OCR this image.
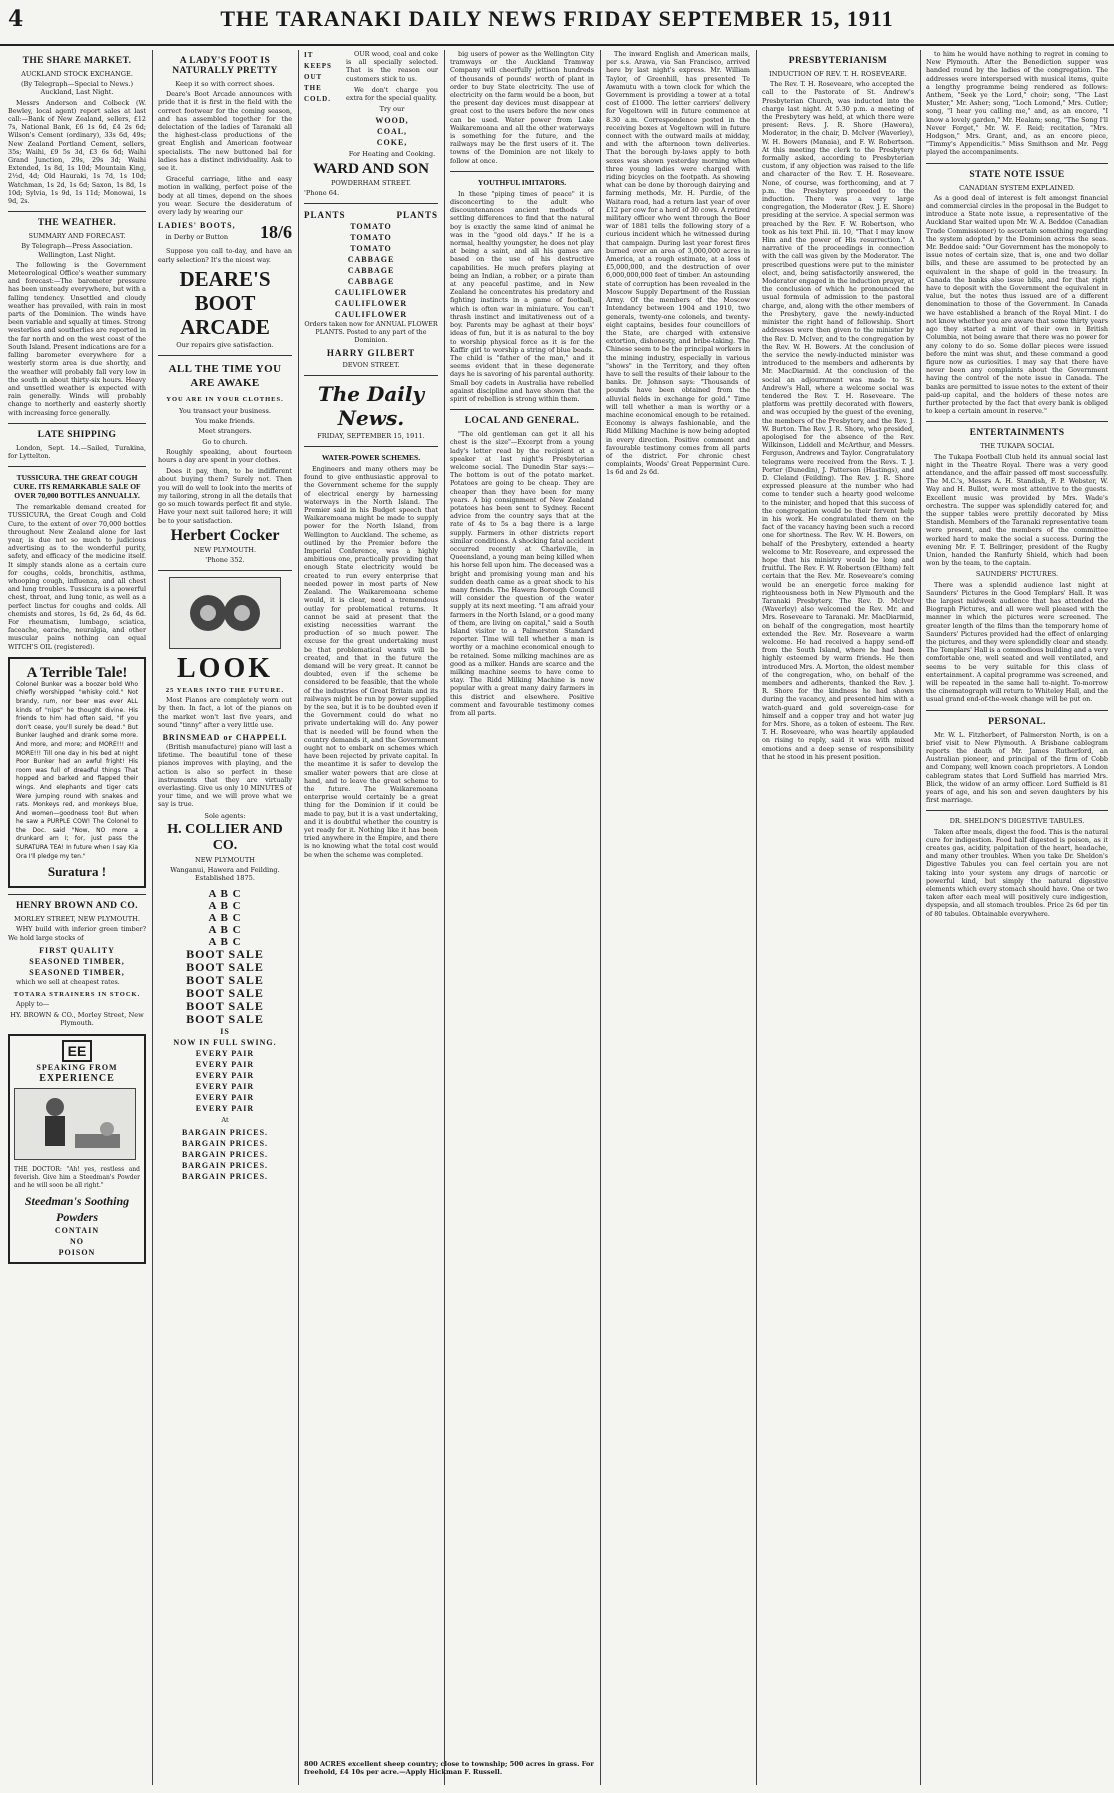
4	THE TARANAKI DAILY NEWS FRIDAY SEPTEMBER 15, 1911
THE SHARE MARKET.
AUCKLAND STOCK EXCHANGE.
(By Telegraph—Special to News.) Auckland, Last Night.

Messrs Anderson and Colbeck (W. Bewley, local agent) report sales at last call:—Bank of New Zealand, sellers, £12 7s, National Bank, £6 1s 6d, £4 2s 6d; Wilson's Cement (ordinary), 33s 6d, 49s; New Zealand Portland Cement, sellers, 35s; Waihi, £9 5s 3d, £3 6s 6d; Waihi Grand Junction, 29s, 29s 3d; Waihi Extended, 1s 8d, 1s 10d; Mountain King, 2½d, 4d; Old Hauraki, 1s 7d, 1s 10d; Watchman, 1s 2d, 1s 6d; Saxon, 1s 8d, 1s 10d; Sylvia, 1s 9d, 1s 11d; Monowai, 1s 9d, 2s.

THE WEATHER.
SUMMARY AND FORECAST.
By Telegraph—Press Association. Wellington, Last Night.

The following is the Government Meteorological Office's weather summary and forecast:—The barometer pressure has been unsteady everywhere, but with a falling tendency. Unsettled and cloudy weather has prevailed, with rain in most parts of the Dominion. The winds have been variable and squally at times. Strong westerlies and southerlies are reported in the far north and on the west coast of the South Island. Present indications are for a falling barometer everywhere for a westerly storm area is due shortly, and the weather will probably fall very low in the south in about thirty-six hours. Heavy and unsettled weather is expected with rain generally. Winds will probably change to northerly and easterly shortly with increasing force generally.

LATE SHIPPING

London, Sept. 14.—Sailed, Turakina, for Lyttelton.

TUSSICURA. THE GREAT COUGH CURE. ITS REMARKABLE SALE OF OVER 70,000 BOTTLES ANNUALLY.

The remarkable demand created for TUSSICURA, the Great Cough and Cold Cure, to the extent of over 70,000 bottles throughout New Zealand alone for last year, is due not so much to judicious advertising as to the wonderful purity, safety, and efficacy of the medicine itself. It simply stands alone as a certain cure for coughs, colds, bronchitis, asthma, whooping cough, influenza, and all chest and lung troubles. Tussicura is a powerful chest, throat, and lung tonic, as well as a perfect linctus for coughs and colds. All chemists and stores, 1s 6d, 2s 6d, 4s 6d. For rheumatism, lumbago, sciatica, faceache, earache, neuralgia, and other muscular pains nothing can equal WITCH'S OIL (registered).

A Terrible Tale!

Colonel Bunker was a boozer bold Who chiefly worshipped "whisky cold." Not brandy, rum, nor beer was ever ALL kinds of "nips" he thought divine. His friends to him had often said, "If you don't cease, you'll surely be dead." But Bunker laughed and drank some more. And more, and more; and MORE!!! and MORE!!! Till one day in his bed at night Poor Bunker had an awful fright! His room was full of dreadful things That hopped and barked and flapped their wings. And elephants and tiger cats Were jumping round with snakes and rats. Monkeys red, and monkeys blue, And women—goodness too! But when he saw a PURPLE COW! The Colonel to the Doc. said "Now, NO more a drunkard am I; for, just pass the SURATURA TEA! In future when I say Kia Ora I'll pledge my ten."

Suratura !
HENRY BROWN AND CO.
MORLEY STREET, NEW PLYMOUTH.

WHY build with inferior green timber? We hold large stocks of

FIRST QUALITY
SEASONED TIMBER,
SEASONED TIMBER,

which we sell at cheapest rates.

TOTARA STRAINERS IN STOCK.

Apply to—

HY. BROWN & CO., Morley Street, New Plymouth.
EE
SPEAKING FROM
EXPERIENCE

THE DOCTOR: "Ah! yes, restless and feverish. Give him a Steedman's Powder and he will soon be all right."

Steedman's Soothing Powders
CONTAIN
NO
POISON
A LADY'S FOOT IS NATURALLY PRETTY
Keep it so with correct shoes.

Deare's Boot Arcade announces with pride that it is first in the field with the correct footwear for the coming season, and has assembled together for the delectation of the ladies of Taranaki all the highest-class productions of the great English and American footwear specialists. The new buttoned bal for ladies has a distinct individuality. Ask to see it.

Graceful carriage, lithe and easy motion in walking, perfect poise of the body at all times, depend on the shoes you wear. Secure the desideratum of every lady by wearing our

LADIES' BOOTS,
in Derby or Button	18/6

Suppose you call to-day, and have an early selection? It's the nicest way.

DEARE'S
BOOT ARCADE
Our repairs give satisfaction.
ALL THE TIME YOU ARE AWAKE
YOU ARE IN YOUR CLOTHES.
You transact your business.
You make friends.
Meet strangers.
Go to church.

Roughly speaking, about fourteen hours a day are spent in your clothes.

Does it pay, then, to be indifferent about buying them? Surely not. Then you will do well to look into the merits of my tailoring, strong in all the details that go so much towards perfect fit and style. Have your next suit tailored here; it will be to your satisfaction.

Herbert Cocker
NEW PLYMOUTH.
'Phone 352.
LOOK
25 YEARS INTO THE FUTURE.

Most Pianos are completely worn out by then. In fact, a lot of the pianos on the market won't last five years, and sound "tinny" after a very little use.

BRINSMEAD or CHAPPELL

(British manufacture) piano will last a lifetime. The beautiful tone of these pianos improves with playing, and the action is also so perfect in these instruments that they are virtually everlasting. Give us only 10 MINUTES of your time, and we will prove what we say is true.

Sole agents:
H. COLLIER AND CO.
NEW PLYMOUTH
Wanganui, Hawera and Feilding. Established 1875.
A B C
A B C
A B C
A B C
A B C
BOOT SALE
BOOT SALE
BOOT SALE
BOOT SALE
BOOT SALE
BOOT SALE
IS
NOW IN FULL SWING.
EVERY PAIR
EVERY PAIR
EVERY PAIR
EVERY PAIR
EVERY PAIR
EVERY PAIR
At
BARGAIN PRICES.
BARGAIN PRICES.
BARGAIN PRICES.
BARGAIN PRICES.
BARGAIN PRICES.
IT KEEPS OUT THE COLD.

OUR wood, coal and coke is all specially selected. That is the reason our customers stick to us.

We don't charge you extra for the special quality.

Try our
WOOD,
COAL,
COKE,
For Heating and Cooking.
WARD AND SON
POWDERHAM STREET.
'Phone 64.
PLANTS	PLANTS
TOMATO
TOMATO
TOMATO
CABBAGE
CABBAGE
CABBAGE
CAULIFLOWER
CAULIFLOWER
CAULIFLOWER

Orders taken now for ANNUAL FLOWER PLANTS. Posted to any part of the Dominion.

HARRY GILBERT
DEVON STREET.
The Daily News.
FRIDAY, SEPTEMBER 15, 1911.
WATER-POWER SCHEMES.

Engineers and many others may be found to give enthusiastic approval to the Government scheme for the supply of electrical energy by harnessing waterways in the North Island. The Premier said in his Budget speech that Waikaremoana might be made to supply power for the North Island, from Wellington to Auckland. The scheme, as outlined by the Premier before the Imperial Conference, was a highly ambitious one, practically providing that enough State electricity would be created to run every enterprise that needed power in most parts of New Zealand. The Waikaremoana scheme would, it is clear, need a tremendous outlay for problematical returns. It cannot be said at present that the existing necessities warrant the production of so much power. The excuse for the great undertaking must be that problematical wants will be created, and that in the future the demand will be very great. It cannot be doubted, even if the scheme be considered to be feasible, that the whole of the industries of Great Britain and its railways might be run by power supplied by the sea, but it is to be doubted even if the Government could do what no private undertaking will do. Any power that is needed will be found when the country demands it, and the Government ought not to embark on schemes which have been rejected by private capital. In the meantime it is safer to develop the smaller water powers that are close at hand, and to leave the great scheme to the future. The Waikaremoana enterprise would certainly be a great thing for the Dominion if it could be made to pay, but it is a vast undertaking, and it is doubtful whether the country is yet ready for it. Nothing like it has been tried anywhere in the Empire, and there is no knowing what the total cost would be when the scheme was completed.

big users of power as the Wellington City tramways or the Auckland Tramway Company will cheerfully jettison hundreds of thousands of pounds' worth of plant in order to buy State electricity. The use of electricity on the farm would be a boon, but the present day devices must disappear at great cost to the users before the new ones can be used. Water power from Lake Waikaremoana and all the other waterways is something for the future, and the railways may be the first users of it. The towns of the Dominion are not likely to follow at once.

YOUTHFUL IMITATORS.

In these "piping times of peace" it is disconcerting to the adult who discountenances ancient methods of settling differences to find that the natural boy is exactly the same kind of animal he was in the "good old days." If he is a normal, healthy youngster, he does not play at being a saint, and all his games are based on the use of his destructive capabilities. He much prefers playing at being an Indian, a robber, or a pirate than at any peaceful pastime, and in New Zealand he concentrates his predatory and fighting instincts in a game of football, which is often war in miniature. You can't thrash instinct and imitativeness out of a boy. Parents may be aghast at their boys' ideas of fun, but it is as natural to the boy to worship physical force as it is for the Kaffir girl to worship a string of blue beads. The child is "father of the man," and it seems evident that in these degenerate days he is savoring of his parental authority. Small boy cadets in Australia have rebelled against discipline and have shown that the spirit of rebellion is strong within them.

LOCAL AND GENERAL.

"The old gentleman can get it all his chest is the size"—Excerpt from a young lady's letter read by the recipient at a speaker at last night's Presbyterian welcome social. The Dunedin Star says:—The bottom is out of the potato market. Potatoes are going to be cheap. They are cheaper than they have been for many years. A big consignment of New Zealand potatoes has been sent to Sydney. Recent advice from the country says that at the rate of 4s to 5s a bag there is a large supply. Farmers in other districts report similar conditions. A shocking fatal accident occurred recently at Charleville, in Queensland, a young man being killed when his horse fell upon him. The deceased was a bright and promising young man and his sudden death came as a great shock to his many friends. The Hawera Borough Council will consider the question of the water supply at its next meeting. "I am afraid your farmers in the North Island, or a good many of them, are living on capital," said a South Island visitor to a Palmerston Standard reporter. Time will tell whether a man is worthy or a machine economical enough to be retained. Some milking machines are as good as a milker. Hands are scarce and the milking machine seems to have come to stay. The Ridd Milking Machine is now popular with a great many dairy farmers in this district and elsewhere. Positive comment and favourable testimony comes from all parts.

The inward English and American mails, per s.s. Arawa, via San Francisco, arrived here by last night's express. Mr. William Taylor, of Greenhill, has presented Te Awamutu with a town clock for which the Government is providing a tower at a total cost of £1000. The letter carriers' delivery for Vogeltown will in future commence at 8.30 a.m. Correspondence posted in the receiving boxes at Vogeltown will in future connect with the outward mails at midday, and with the afternoon town deliveries. That the borough by-laws apply to both sexes was shown yesterday morning when three young ladies were charged with riding bicycles on the footpath. As showing what can be done by thorough dairying and farming methods, Mr. H. Purdie, of the Waitara road, had a return last year of over £12 per cow for a herd of 30 cows. A retired military officer who went through the Boer war of 1881 tells the following story of a curious incident which he witnessed during that campaign. During last year forest fires burned over an area of 3,000,000 acres in America, at a rough estimate, at a loss of £5,000,000, and the destruction of over 6,000,000,000 feet of timber. An astounding state of corruption has been revealed in the Moscow Supply Department of the Russian Army. Of the members of the Moscow Intendancy between 1904 and 1910, two generals, twenty-one colonels, and twenty-eight captains, besides four councillors of the State, are charged with extensive extortion, dishonesty, and bribe-taking. The Chinese seem to be the principal workers in the mining industry, especially in various "shows" in the Territory, and they often have to sell the results of their labour to the banks. Dr. Johnson says: "Thousands of pounds have been obtained from the alluvial fields in exchange for gold." Time will tell whether a man is worthy or a machine economical enough to be retained. Economy is always fashionable, and the Ridd Milking Machine is now being adopted in every direction. Positive comment and favourable testimony comes from all parts of the district. For chronic chest complaints, Woods' Great Peppermint Cure. 1s 6d and 2s 6d.

PRESBYTERIANISM
INDUCTION OF REV. T. H. ROSEVEARE.

The Rev. T. H. Roseveare, who accepted the call to the Pastorate of St. Andrew's Presbyterian Church, was inducted into the charge last night. At 5.30 p.m. a meeting of the Presbytery was held, at which there were present: Revs. J. R. Shore (Hawera), Moderator, in the chair, D. McIver (Waverley), W. H. Bowers (Manaia), and F. W. Robertson. At this meeting the clerk to the Presbytery formally asked, according to Presbyterian custom, if any objection was raised to the life and character of the Rev. T. H. Roseveare. None, of course, was forthcoming, and at 7 p.m. the Presbytery proceeded to the induction. There was a very large congregation, the Moderator (Rev. J. E. Shore) presiding at the service. A special sermon was preached by the Rev. F. W. Robertson, who took as his text Phil. iii. 10, "That I may know Him and the power of His resurrection." A narrative of the proceedings in connection with the call was given by the Moderator. The prescribed questions were put to the minister elect, and, being satisfactorily answered, the Moderator engaged in the induction prayer, at the conclusion of which he pronounced the usual formula of admission to the pastoral charge, and, along with the other members of the Presbytery, gave the newly-inducted minister the right hand of fellowship. Short addresses were then given to the minister by the Rev. D. McIver, and to the congregation by the Rev. W. H. Bowers. At the conclusion of the service the newly-inducted minister was introduced to the members and adherents by Mr. MacDiarmid. At the conclusion of the social an adjournment was made to St. Andrew's Hall, where a welcome social was tendered the Rev. T. H. Roseveare. The platform was prettily decorated with flowers, and was occupied by the guest of the evening, the members of the Presbytery, and the Rev. J. W. Burton. The Rev. J. R. Shore, who presided, apologised for the absence of the Rev. Wilkinson, Liddell and McArthur, and Messrs. Ferguson, Andrews and Taylor. Congratulatory telegrams were received from the Revs. T. J. Porter (Dunedin), J. Patterson (Hastings), and D. Cleland (Feilding). The Rev. J. R. Shore expressed pleasure at the number who had come to tender such a hearty good welcome to the minister, and hoped that this success of the congregation would be their fervent help in his work. He congratulated them on the fact of the vacancy having been such a record one for shortness. The Rev. W. H. Bowers, on behalf of the Presbytery, extended a hearty welcome to Mr. Roseveare, and expressed the hope that his ministry would be long and fruitful. The Rev. F. W. Robertson (Eltham) felt certain that the Rev. Mr. Roseveare's coming would be an energetic force making for righteousness both in New Plymouth and the Taranaki Presbytery. The Rev. D. McIver (Waverley) also welcomed the Rev. Mr. and Mrs. Roseveare to Taranaki. Mr. MacDiarmid, on behalf of the congregation, most heartily extended the Rev. Mr. Roseveare a warm welcome. He had received a happy send-off from the South Island, where he had been highly esteemed by warm friends. He then introduced Mrs. A. Morton, the oldest member of the congregation, who, on behalf of the members and adherents, thanked the Rev. J. R. Shore for the kindness he had shown during the vacancy, and presented him with a watch-guard and gold sovereign-case for himself and a copper tray and hot water jug for Mrs. Shore, as a token of esteem. The Rev. T. H. Roseveare, who was heartily applauded on rising to reply, said it was with mixed emotions and a deep sense of responsibility that he stood in his present position.

to him he would have nothing to regret in coming to New Plymouth. After the Benediction supper was handed round by the ladies of the congregation. The addresses were interspersed with musical items, quite a lengthy programme being rendered as follows: Anthem, "Seek ye the Lord," choir; song, "The Last Muster," Mr. Asher; song, "Loch Lomond," Mrs. Cutler; song, "I hear you calling me," and, as an encore, "I know a lovely garden," Mr. Healam; song, "The Song I'll Never Forget," Mr. W. F. Reid; recitation, "Mrs. Hodgson," Mrs. Grant, and, as an encore piece, "Timmy's Appendicitis." Miss Smithson and Mr. Pegg played the accompaniments.

STATE NOTE ISSUE
CANADIAN SYSTEM EXPLAINED.

As a good deal of interest is felt amongst financial and commercial circles in the proposal in the Budget to introduce a State note issue, a representative of the Auckland Star waited upon Mr. W. A. Beddoe (Canadian Trade Commissioner) to ascertain something regarding the system adopted by the Dominion across the seas. Mr. Beddoe said: "Our Government has the monopoly to issue notes of certain size, that is, one and two dollar bills, and these are assumed to be protected by an equivalent in the shape of gold in the treasury. In Canada the banks also issue bills, and for that right have to deposit with the Government the equivalent in value, but the notes thus issued are of a different denomination to those of the Government. In Canada we have established a branch of the Royal Mint. I do not know whether you are aware that some thirty years ago they started a mint of their own in British Columbia, not being aware that there was no power for any colony to do so. Some dollar pieces were issued before the mint was shut, and these command a good figure now as curiosities. I may say that there have never been any complaints about the Government having the control of the note issue in Canada. The banks are permitted to issue notes to the extent of their paid-up capital, and the holders of these notes are further protected by the fact that every bank is obliged to keep a certain amount in reserve."

ENTERTAINMENTS
THE TUKAPA SOCIAL

The Tukapa Football Club held its annual social last night in the Theatre Royal. There was a very good attendance, and the affair passed off most successfully. The M.C.'s, Messrs A. H. Standish, F. P. Webster, W. Way and H. Bullot, were most attentive to the guests. Excellent music was provided by Mrs. Wade's orchestra. The supper was splendidly catered for, and the supper tables were prettily decorated by Miss Standish. Members of the Taranaki representative team were present, and the members of the committee worked hard to make the social a success. During the evening Mr. F. T. Bellringer, president of the Rugby Union, handed the Ranfurly Shield, which had been won by the team, to the captain.

SAUNDERS' PICTURES.

There was a splendid audience last night at Saunders' Pictures in the Good Templars' Hall. It was the largest midweek audience that has attended the Biograph Pictures, and all were well pleased with the manner in which the pictures were screened. The greater length of the films than the temporary home of Saunders' Pictures provided had the effect of enlarging the pictures, and they were splendidly clear and steady. The Templars' Hall is a commodious building and a very comfortable one, well seated and well ventilated, and seems to be very suitable for this class of entertainment. A capital programme was screened, and will be repeated in the same hall to-night. To-morrow the cinematograph will return to Whiteley Hall, and the usual grand end-of-the-week change will be put on.

PERSONAL.

Mr. W. L. Fitzherbert, of Palmerston North, is on a brief visit to New Plymouth. A Brisbane cablegram reports the death of Mr. James Rutherford, an Australian pioneer, and principal of the firm of Cobb and Company, well known coach proprietors. A London cablegram states that Lord Suffield has married Mrs. Blick, the widow of an army officer. Lord Suffield is 81 years of age, and his son and seven daughters by his first marriage.

DR. SHELDON'S DIGESTIVE TABULES.

Taken after meals, digest the food. This is the natural cure for indigestion. Food half digested is poison, as it creates gas, acidity, palpitation of the heart, headache, and many other troubles. When you take Dr. Sheldon's Digestive Tabules you can feel certain you are not taking into your system any drugs of narcotic or powerful kind, but simply the natural digestive elements which every stomach should have. One or two taken after each meal will positively cure indigestion, dyspepsia, and all stomach troubles. Price 2s 6d per tin of 80 tabules. Obtainable everywhere.

800 ACRES excellent sheep country; close to township; 500 acres in grass. For freehold, £4 10s per acre.—Apply Hickman F. Russell.
